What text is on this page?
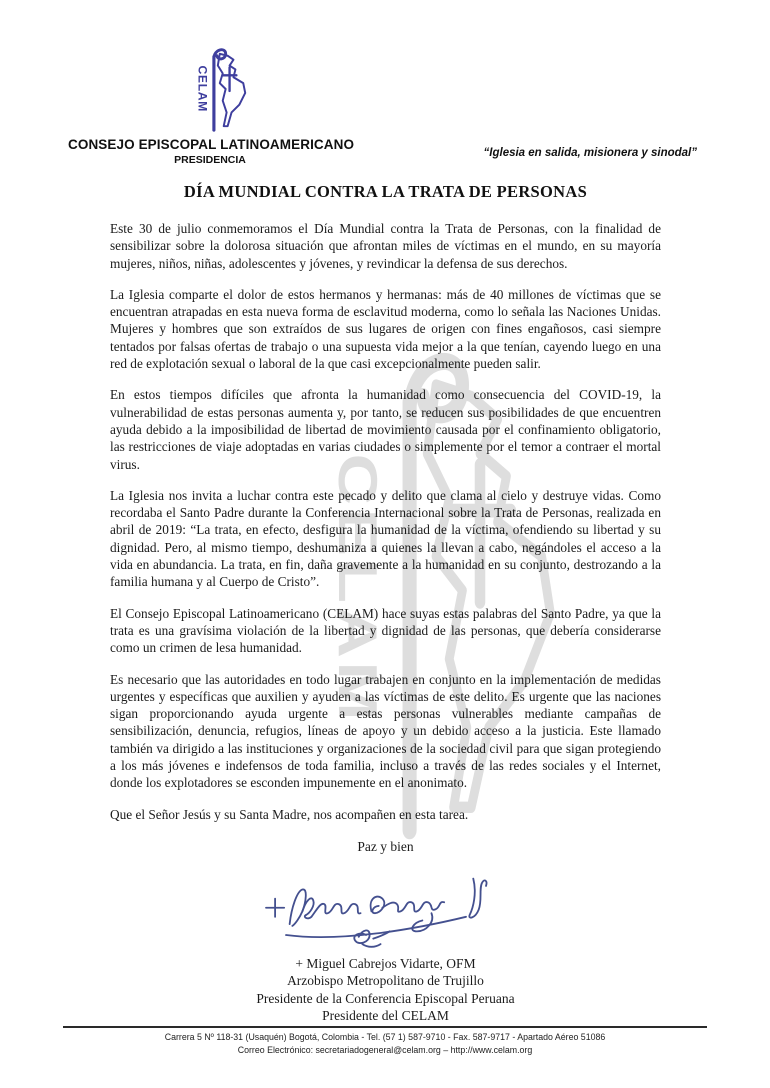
CONSEJO EPISCOPAL LATINOAMERICANO
PRESIDENCIA
“Iglesia en salida, misionera y sinodal”
DÍA MUNDIAL CONTRA LA TRATA DE PERSONAS

Este 30 de julio conmemoramos el Día Mundial contra la Trata de Personas, con la finalidad de sensibilizar sobre la dolorosa situación que afrontan miles de víctimas en el mundo, en su mayoría mujeres, niños, niñas, adolescentes y jóvenes, y revindicar la defensa de sus derechos.

La Iglesia comparte el dolor de estos hermanos y hermanas: más de 40 millones de víctimas que se encuentran atrapadas en esta nueva forma de esclavitud moderna, como lo señala las Naciones Unidas. Mujeres y hombres que son extraídos de sus lugares de origen con fines engañosos, casi siempre tentados por falsas ofertas de trabajo o una supuesta vida mejor a la que tenían, cayendo luego en una red de explotación sexual o laboral de la que casi excepcionalmente pueden salir.

En estos tiempos difíciles que afronta la humanidad como consecuencia del COVID-19, la vulnerabilidad de estas personas aumenta y, por tanto, se reducen sus posibilidades de que encuentren ayuda debido a la imposibilidad de libertad de movimiento causada por el confinamiento obligatorio, las restricciones de viaje adoptadas en varias ciudades o simplemente por el temor a contraer el mortal virus.

La Iglesia nos invita a luchar contra este pecado y delito que clama al cielo y destruye vidas. Como recordaba el Santo Padre durante la Conferencia Internacional sobre la Trata de Personas, realizada en abril de 2019: “La trata, en efecto, desfigura la humanidad de la víctima, ofendiendo su libertad y su dignidad. Pero, al mismo tiempo, deshumaniza a quienes la llevan a cabo, negándoles el acceso a la vida en abundancia. La trata, en fin, daña gravemente a la humanidad en su conjunto, destrozando a la familia humana y al Cuerpo de Cristo”.

El Consejo Episcopal Latinoamericano (CELAM) hace suyas estas palabras del Santo Padre, ya que la trata es una gravísima violación de la libertad y dignidad de las personas, que debería considerarse como un crimen de lesa humanidad.

Es necesario que las autoridades en todo lugar trabajen en conjunto en la implementación de medidas urgentes y específicas que auxilien y ayuden a las víctimas de este delito. Es urgente que las naciones sigan proporcionando ayuda urgente a estas personas vulnerables mediante campañas de sensibilización, denuncia, refugios, líneas de apoyo y un debido acceso a la justicia. Este llamado también va dirigido a las instituciones y organizaciones de la sociedad civil para que sigan protegiendo a los más jóvenes e indefensos de toda familia, incluso a través de las redes sociales y el Internet, donde los explotadores se esconden impunemente en el anonimato.

Que el Señor Jesús y su Santa Madre, nos acompañen en esta tarea.

Paz y bien
+ Miguel Cabrejos Vidarte, OFM
Arzobispo Metropolitano de Trujillo
Presidente de la Conferencia Episcopal Peruana
Presidente del CELAM
Carrera 5 Nº 118-31 (Usaquén) Bogotá, Colombia - Tel. (57 1) 587-9710 - Fax. 587-9717 - Apartado Aéreo 51086
Correo Electrónico: secretariadogeneral@celam.org – http://www.celam.org
